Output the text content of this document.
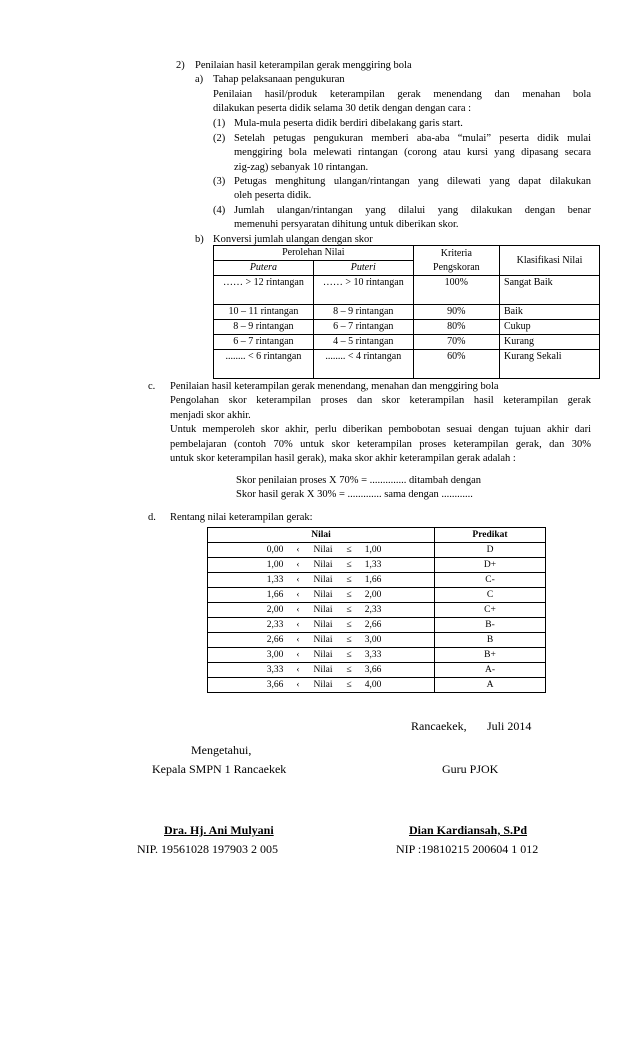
2) Penilaian hasil keterampilan gerak menggiring bola
a) Tahap pelaksanaan pengukuran
Penilaian hasil/produk keterampilan gerak menendang dan menahan bola
dilakukan peserta didik selama 30 detik dengan dengan cara :
(1) Mula-mula peserta didik berdiri dibelakang garis start.
(2) Setelah petugas pengukuran memberi aba-aba “mulai” peserta didik mulai
menggiring bola melewati rintangan (corong atau kursi yang dipasang secara
zig-zag) sebanyak 10 rintangan.
(3) Petugas menghitung ulangan/rintangan yang dilewati yang dapat dilakukan
oleh peserta didik.
(4) Jumlah ulangan/rintangan yang dilalui yang dilakukan dengan benar
memenuhi persyaratan dihitung untuk diberikan skor.
b) Konversi jumlah ulangan dengan skor
Perolehan Nilai		Kriteria Pengskoran	Klasifikasi Nilai
Putera	Puteri		
…… > 12 rintangan	…… > 10 rintangan	100%	Sangat Baik
10 – 11 rintangan	8 – 9 rintangan	90%	Baik
8 – 9 rintangan	6 – 7 rintangan	80%	Cukup
6 – 7 rintangan	4 – 5 rintangan	70%	Kurang
........ < 6 rintangan	........ < 4 rintangan	60%	Kurang Sekali
c. Penilaian hasil keterampilan gerak menendang, menahan dan menggiring bola
Pengolahan skor keterampilan proses dan skor keterampilan hasil keterampilan gerak
menjadi skor akhir.
Untuk memperoleh skor akhir, perlu diberikan pembobotan sesuai dengan tujuan akhir dari
pembelajaran (contoh 70% untuk skor keterampilan proses keterampilan gerak, dan 30%
untuk skor keterampilan hasil gerak), maka skor akhir keterampilan gerak adalah :
Skor penilaian proses X 70% = .............. ditambah dengan
Skor hasil gerak X 30% = ............. sama dengan ............
d. Rentang nilai keterampilan gerak:
Nilai	Predikat
0,00 ‹ Nilai ≤ 1,00	D
1,00 ‹ Nilai ≤ 1,33	D+
1,33 ‹ Nilai ≤ 1,66	C-
1,66 ‹ Nilai ≤ 2,00	C
2,00 ‹ Nilai ≤ 2,33	C+
2,33 ‹ Nilai ≤ 2,66	B-
2,66 ‹ Nilai ≤ 3,00	B
3,00 ‹ Nilai ≤ 3,33	B+
3,33 ‹ Nilai ≤ 3,66	A-
3,66 ‹ Nilai ≤ 4,00	A
Rancaekek, Juli 2014
Mengetahui,
Kepala SMPN 1 Rancaekek	Guru PJOK
Dra. Hj. Ani Mulyani
NIP. 19561028 197903 2 005
Dian Kardiansah, S.Pd
NIP :19810215 200604 1 012
